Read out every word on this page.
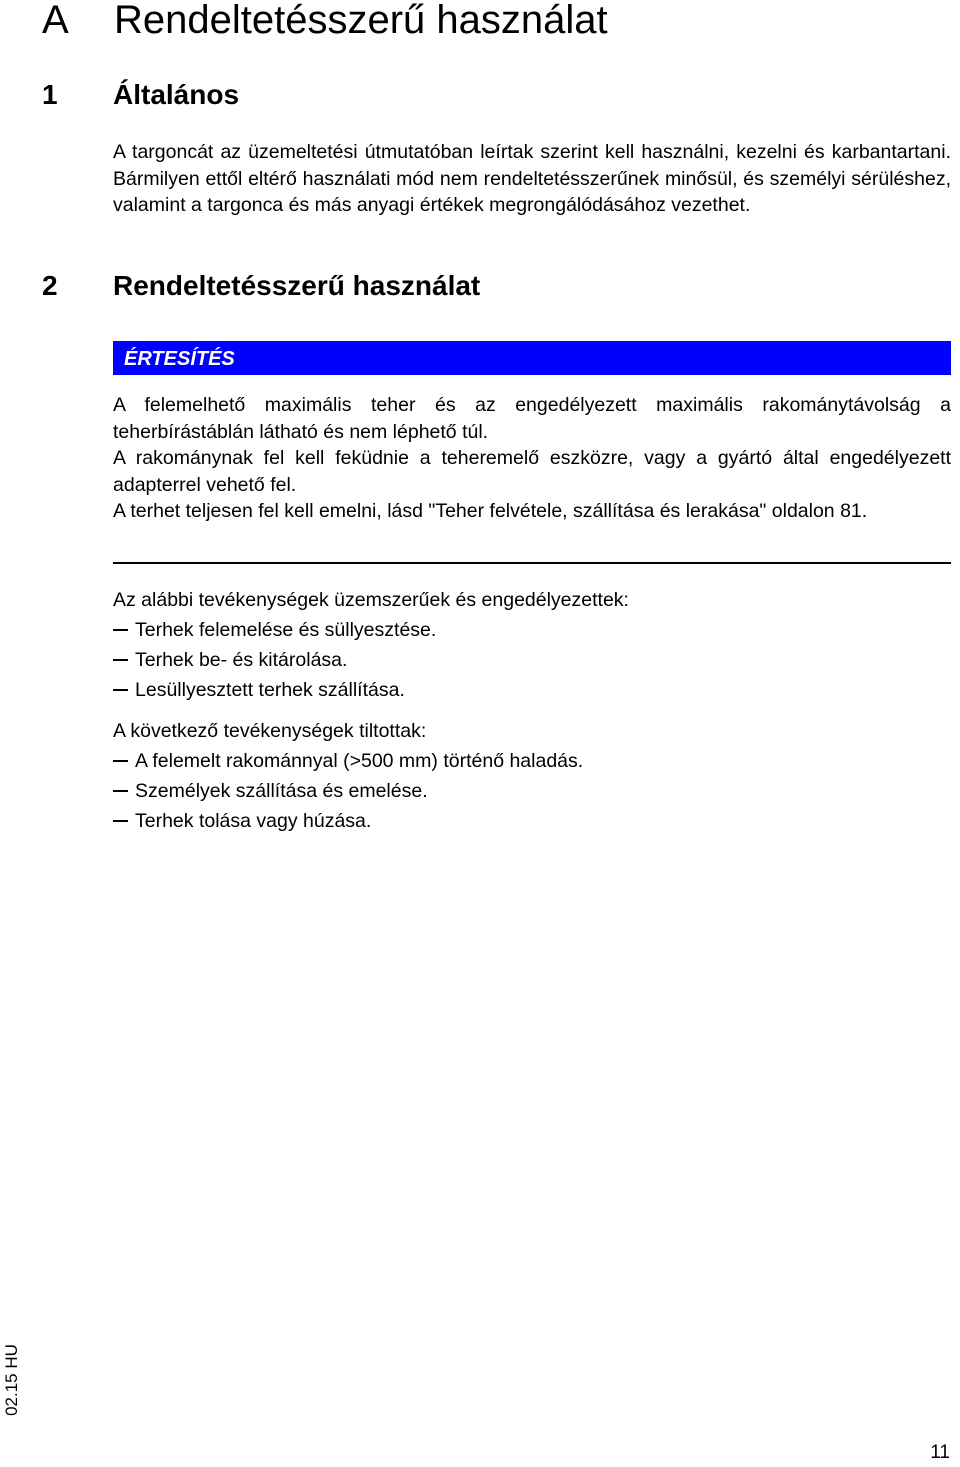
A Rendeltetésszerű használat
1 Általános

A targoncát az üzemeltetési útmutatóban leírtak szerint kell használni, kezelni és karbantartani. Bármilyen ettől eltérő használati mód nem rendeltetésszerűnek minősül, és személyi sérüléshez, valamint a targonca és más anyagi értékek megrongálódásához vezethet.

2 Rendeltetésszerű használat
ÉRTESÍTÉS

A felemelhető maximális teher és az engedélyezett maximális rakománytávolság a teherbírástáblán látható és nem léphető túl.

A rakománynak fel kell feküdnie a teheremelő eszközre, vagy a gyártó által engedélyezett adapterrel vehető fel.

A terhet teljesen fel kell emelni, lásd "Teher felvétele, szállítása és lerakása" oldalon 81.

Az alábbi tevékenységek üzemszerűek és engedélyezettek:

Terhek felemelése és süllyesztése.
Terhek be- és kitárolása.
Lesüllyesztett terhek szállítása.

A következő tevékenységek tiltottak:

A felemelt rakománnyal (>500 mm) történő haladás.
Személyek szállítása és emelése.
Terhek tolása vagy húzása.
02.15 HU
11
